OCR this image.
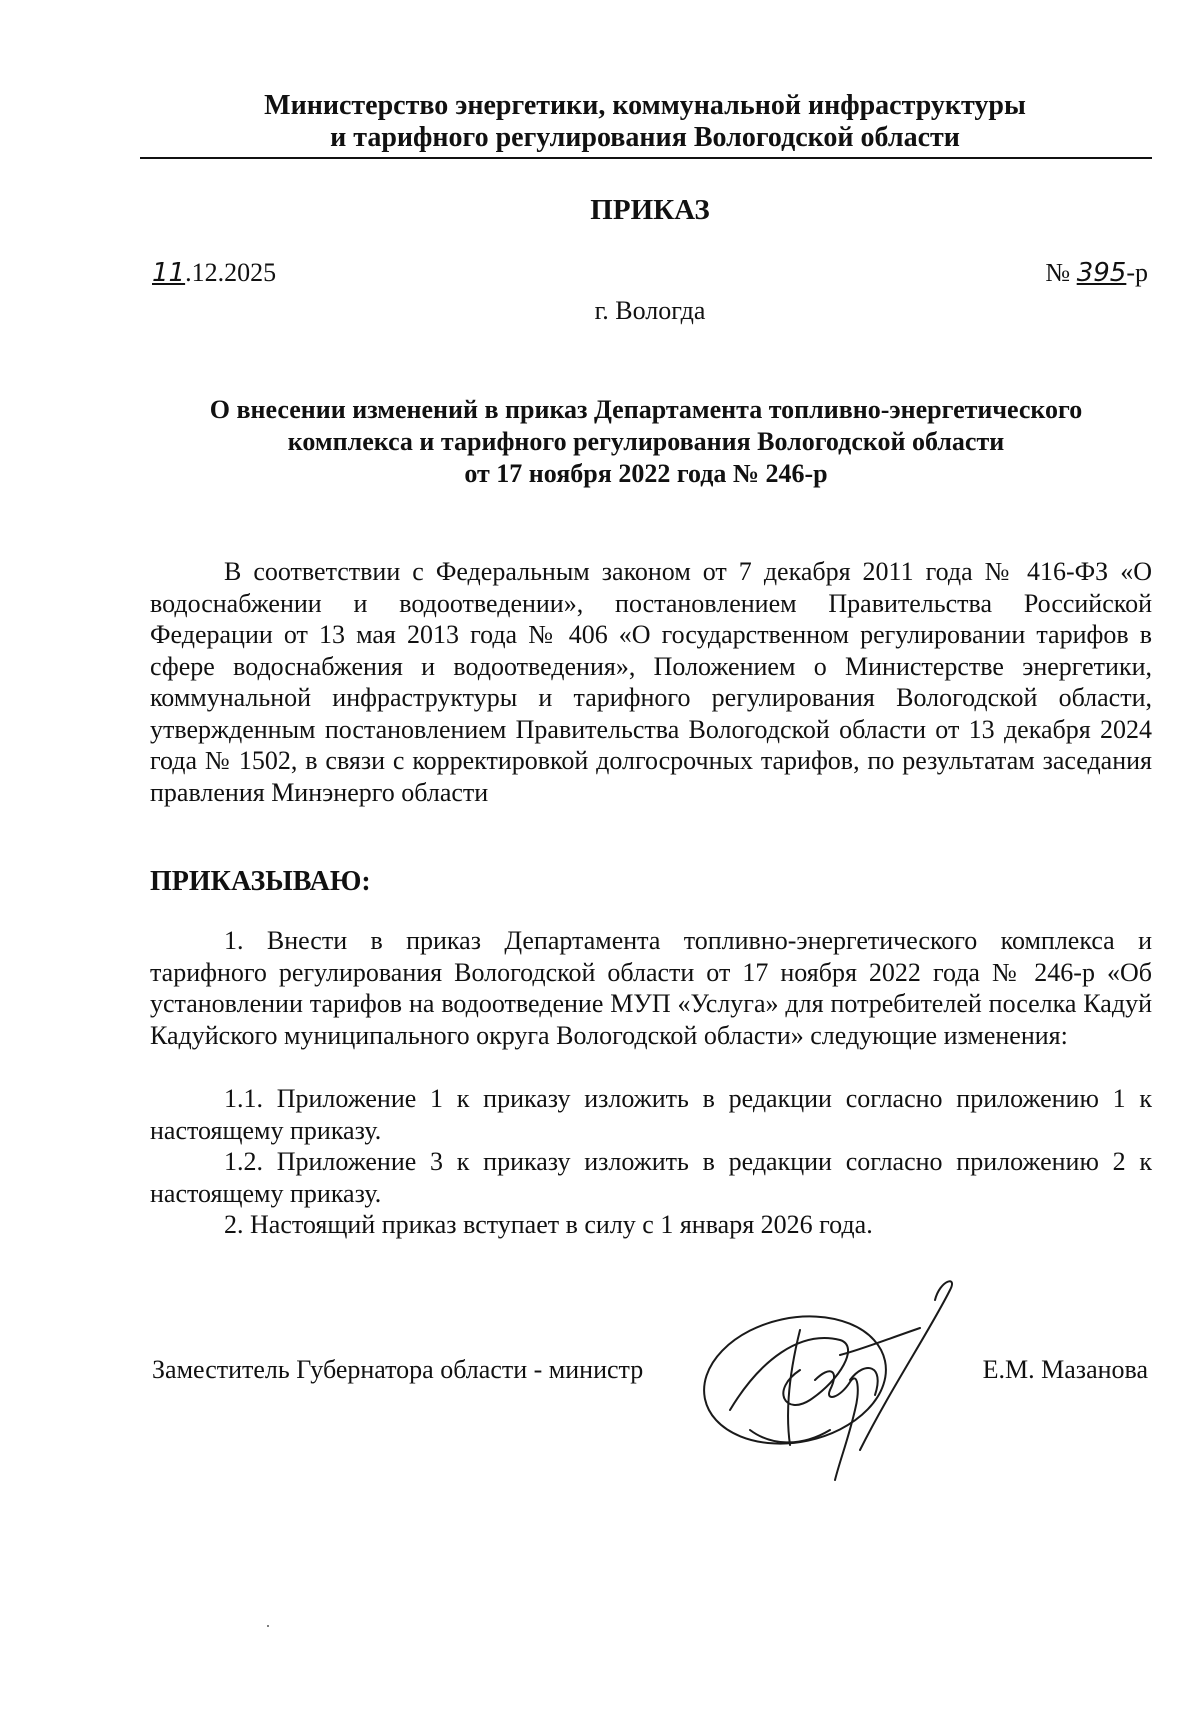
Министерство энергетики, коммунальной инфраструктуры
и тарифного регулирования Вологодской области
ПРИКАЗ
11.12.2025	№ 395-р
г. Вологда
О внесении изменений в приказ Департамента топливно-энергетического
комплекса и тарифного регулирования Вологодской области
от 17 ноября 2022 года № 246-р

В соответствии с Федеральным законом от 7 декабря 2011 года № 416-ФЗ «О водоснабжении и водоотведении», постановлением Правительства Российской Федерации от 13 мая 2013 года № 406 «О государственном регулировании тарифов в сфере водоснабжения и водоотведения», Положением о Министерстве энергетики, коммунальной инфраструктуры и тарифного регулирования Вологодской области, утвержденным постановлением Правительства Вологодской области от 13 декабря 2024 года № 1502, в связи с корректировкой долгосрочных тарифов, по результатам заседания правления Минэнерго области

ПРИКАЗЫВАЮ:

1. Внести в приказ Департамента топливно-энергетического комплекса и тарифного регулирования Вологодской области от 17 ноября 2022 года № 246-р «Об установлении тарифов на водоотведение МУП «Услуга» для потребителей поселка Кадуй Кадуйского муниципального округа Вологодской области» следующие изменения:

1.1. Приложение 1 к приказу изложить в редакции согласно приложению 1 к настоящему приказу.

1.2. Приложение 3 к приказу изложить в редакции согласно приложению 2 к настоящему приказу.

2. Настоящий приказ вступает в силу с 1 января 2026 года.

Заместитель Губернатора области - министр	Е.М. Мазанова
